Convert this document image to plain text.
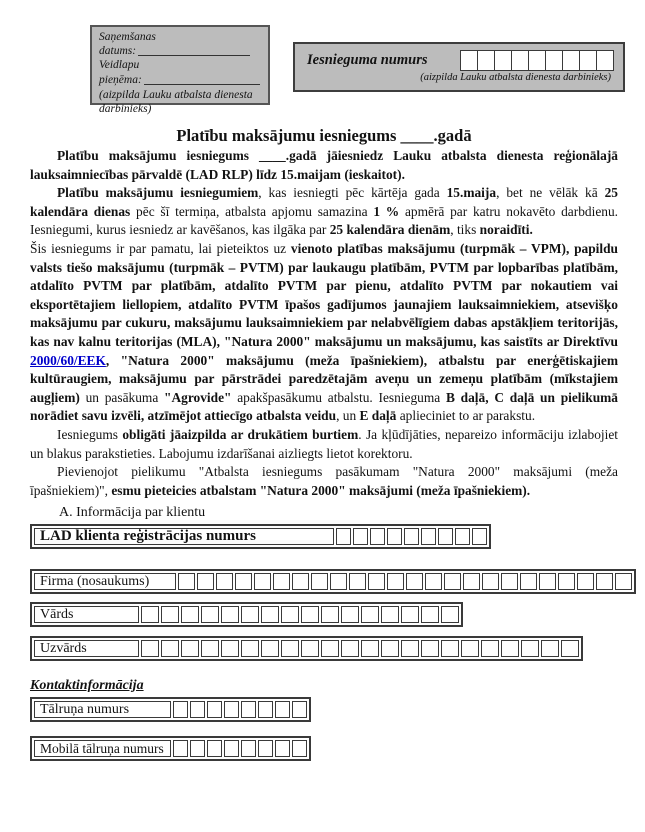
Saņemšanas
datums:
Veidlapu
pieņēma:
(aizpilda Lauku atbalsta dienesta darbinieks)
Iesnieguma numurs
(aizpilda Lauku atbalsta dienesta darbinieks)
Platību maksājumu iesniegums ____.gadā

Platību maksājumu iesniegums ____.gadā jāiesniedz Lauku atbalsta dienesta reģionālajā lauksaimniecības pārvaldē (LAD RLP) līdz 15.maijam (ieskaitot).

Platību maksājumu iesniegumiem, kas iesniegti pēc kārtēja gada 15.maija, bet ne vēlāk kā 25 kalendāra dienas pēc šī termiņa, atbalsta apjomu samazina 1 % apmērā par katru nokavēto darbdienu. Iesniegumi, kurus iesniedz ar kavēšanos, kas ilgāka par 25 kalendāra dienām, tiks noraidīti.

Šis iesniegums ir par pamatu, lai pieteiktos uz vienoto platības maksājumu (turpmāk – VPM), papildu valsts tiešo maksājumu (turpmāk – PVTM) par laukaugu platībām, PVTM par lopbarības platībām, atdalīto PVTM par platībām, atdalīto PVTM par pienu, atdalīto PVTM par nokautiem vai eksportētajiem liellopiem, atdalīto PVTM īpašos gadījumos jaunajiem lauksaimniekiem, atsevišķo maksājumu par cukuru, maksājumu lauksaimniekiem par nelabvēlīgiem dabas apstākļiem teritorijās, kas nav kalnu teritorijas (MLA), "Natura 2000" maksājumu un maksājumu, kas saistīts ar Direktīvu 2000/60/EEK, "Natura 2000" maksājumu (meža īpašniekiem), atbalstu par enerģētiskajiem kultūraugiem, maksājumu par pārstrādei paredzētajām aveņu un zemeņu platībām (mīkstajiem augļiem) un pasākuma "Agrovide" apakšpasākumu atbalstu. Iesnieguma B daļā, C daļā un pielikumā norādiet savu izvēli, atzīmējot attiecīgo atbalsta veidu, un E daļā aplieciniet to ar parakstu.

Iesniegums obligāti jāaizpilda ar drukātiem burtiem. Ja kļūdījāties, nepareizo informāciju izlabojiet un blakus parakstieties. Labojumu izdarīšanai aizliegts lietot korektoru.

Pievienojot pielikumu "Atbalsta iesniegums pasākumam "Natura 2000" maksājumi (meža īpašniekiem)", esmu pieteicies atbalstam "Natura 2000" maksājumi (meža īpašniekiem).

A. Informācija par klientu
LAD klienta reģistrācijas numurs
Firma (nosaukums)
Vārds
Uzvārds
Kontaktinformācija
Tālruņa numurs
Mobilā tālruņa numurs
